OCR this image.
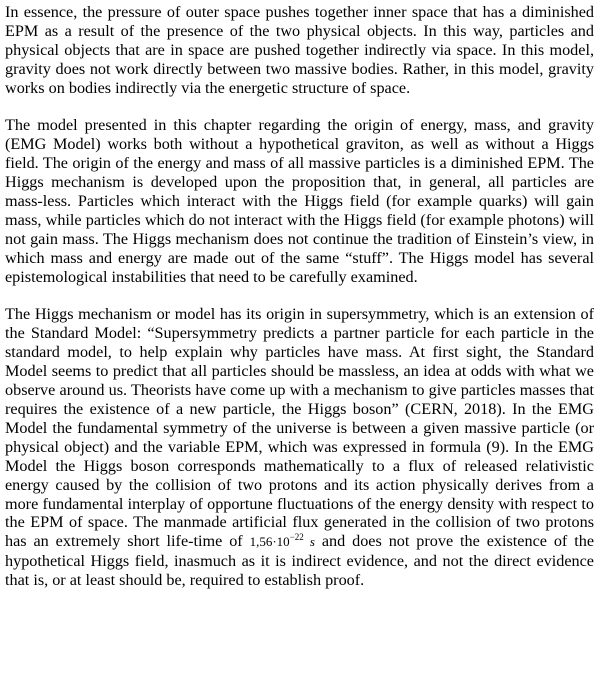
In essence, the pressure of outer space pushes together inner space that has a diminished EPM as a result of the presence of the two physical objects. In this way, particles and physical objects that are in space are pushed together indirectly via space. In this model, gravity does not work directly between two massive bodies. Rather, in this model, gravity works on bodies indirectly via the energetic structure of space.

The model presented in this chapter regarding the origin of energy, mass, and gravity (EMG Model) works both without a hypothetical graviton, as well as without a Higgs field. The origin of the energy and mass of all massive particles is a diminished EPM. The Higgs mechanism is developed upon the proposition that, in general, all particles are mass-less. Particles which interact with the Higgs field (for example quarks) will gain mass, while particles which do not interact with the Higgs field (for example photons) will not gain mass. The Higgs mechanism does not continue the tradition of Einstein’s view, in which mass and energy are made out of the same “stuff”. The Higgs model has several epistemological instabilities that need to be carefully examined.

The Higgs mechanism or model has its origin in supersymmetry, which is an extension of the Standard Model: “Supersymmetry predicts a partner particle for each particle in the standard model, to help explain why particles have mass. At first sight, the Standard Model seems to predict that all particles should be massless, an idea at odds with what we observe around us. Theorists have come up with a mechanism to give particles masses that requires the existence of a new particle, the Higgs boson” (CERN, 2018). In the EMG Model the fundamental symmetry of the universe is between a given massive particle (or physical object) and the variable EPM, which was expressed in formula (9). In the EMG Model the Higgs boson corresponds mathematically to a flux of released relativistic energy caused by the collision of two protons and its action physically derives from a more fundamental interplay of opportune fluctuations of the energy density with respect to the EPM of space. The manmade artificial flux generated in the collision of two protons has an extremely short life-time of $1,56\cdot 10^{-22}$ s and does not prove the existence of the hypothetical Higgs field, inasmuch as it is indirect evidence, and not the direct evidence that is, or at least should be, required to establish proof.
